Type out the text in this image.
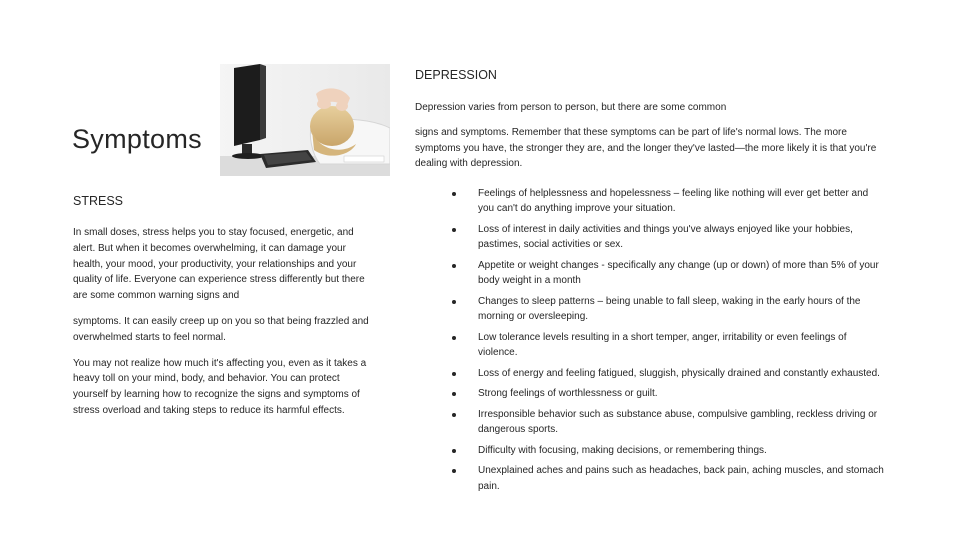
Symptoms
STRESS

In small doses, stress helps you to stay focused, energetic, and alert. But when it becomes overwhelming, it can damage your health, your mood, your productivity, your relationships and your quality of life. Everyone can experience stress differently but there are some common warning signs and

symptoms. It can easily creep up on you so that being frazzled and overwhelmed starts to feel normal.

You may not realize how much it's affecting you, even as it takes a heavy toll on your mind, body, and behavior. You can protect yourself by learning how to recognize the signs and symptoms of stress overload and taking steps to reduce its harmful effects.

DEPRESSION

Depression varies from person to person, but there are some common

signs and symptoms. Remember that these symptoms can be part of life's normal lows. The more symptoms you have, the stronger they are, and the longer they've lasted—the more likely it is that you're dealing with depression.

Feelings of helplessness and hopelessness – feeling like nothing will ever get better and you can't do anything improve your situation.
Loss of interest in daily activities and things you've always enjoyed like your hobbies, pastimes, social activities or sex.
Appetite or weight changes - specifically any change (up or down) of more than 5% of your body weight in a month
Changes to sleep patterns – being unable to fall sleep, waking in the early hours of the morning or oversleeping.
Low tolerance levels resulting in a short temper, anger, irritability or even feelings of violence.
Loss of energy and feeling fatigued, sluggish, physically drained and constantly exhausted.
Strong feelings of worthlessness or guilt.
Irresponsible behavior such as substance abuse, compulsive gambling, reckless driving or dangerous sports.
Difficulty with focusing, making decisions, or remembering things.
Unexplained aches and pains such as headaches, back pain, aching muscles, and stomach pain.
